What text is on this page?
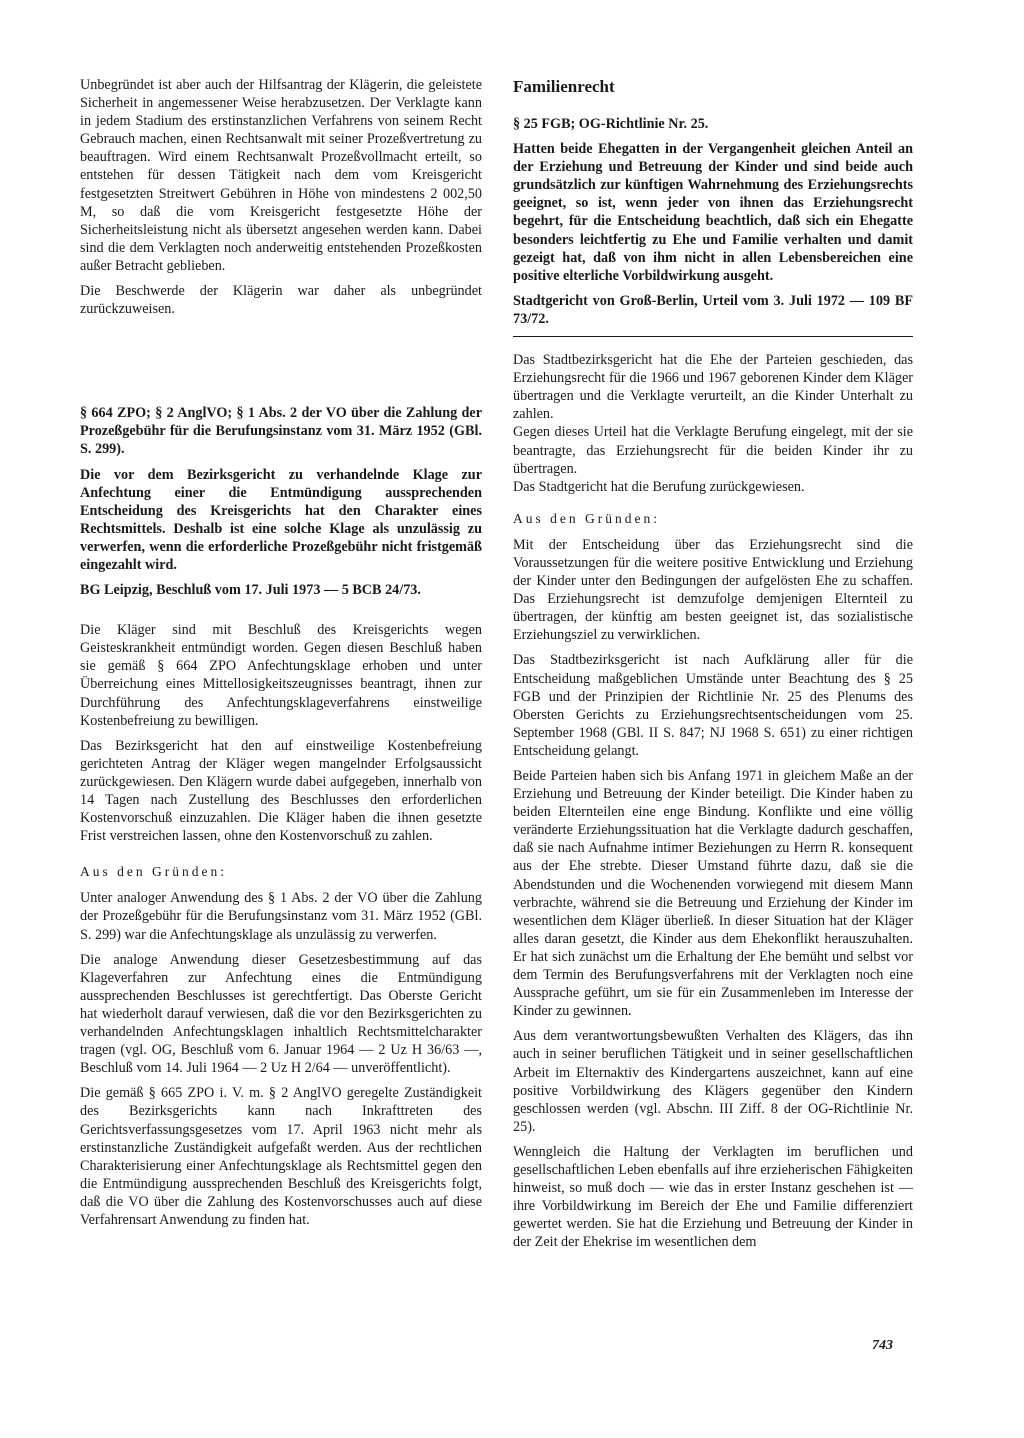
Unbegründet ist aber auch der Hilfsantrag der Klägerin, die geleistete Sicherheit in angemessener Weise herabzusetzen. Der Verklagte kann in jedem Stadium des erstinstanzlichen Verfahrens von seinem Recht Gebrauch machen, einen Rechtsanwalt mit seiner Prozeßvertretung zu beauftragen. Wird einem Rechtsanwalt Prozeßvollmacht erteilt, so entstehen für dessen Tätigkeit nach dem vom Kreisgericht festgesetzten Streitwert Gebühren in Höhe von mindestens 2 002,50 M, so daß die vom Kreisgericht festgesetzte Höhe der Sicherheitsleistung nicht als übersetzt angesehen werden kann. Dabei sind die dem Verklagten noch anderweitig entstehenden Prozeßkosten außer Betracht geblieben.

Die Beschwerde der Klägerin war daher als unbegründet zurückzuweisen.

§ 664 ZPO; § 2 AnglVO; § 1 Abs. 2 der VO über die Zahlung der Prozeßgebühr für die Berufungsinstanz vom 31. März 1952 (GBl. S. 299).

Die vor dem Bezirksgericht zu verhandelnde Klage zur Anfechtung einer die Entmündigung aussprechenden Entscheidung des Kreisgerichts hat den Charakter eines Rechtsmittels. Deshalb ist eine solche Klage als unzulässig zu verwerfen, wenn die erforderliche Prozeßgebühr nicht fristgemäß eingezahlt wird.

BG Leipzig, Beschluß vom 17. Juli 1973 — 5 BCB 24/73.

Die Kläger sind mit Beschluß des Kreisgerichts wegen Geisteskrankheit entmündigt worden. Gegen diesen Beschluß haben sie gemäß § 664 ZPO Anfechtungsklage erhoben und unter Überreichung eines Mittellosigkeitszeugnisses beantragt, ihnen zur Durchführung des Anfechtungsklageverfahrens einstweilige Kostenbefreiung zu bewilligen.

Das Bezirksgericht hat den auf einstweilige Kostenbefreiung gerichteten Antrag der Kläger wegen mangelnder Erfolgsaussicht zurückgewiesen. Den Klägern wurde dabei aufgegeben, innerhalb von 14 Tagen nach Zustellung des Beschlusses den erforderlichen Kostenvorschuß einzuzahlen. Die Kläger haben die ihnen gesetzte Frist verstreichen lassen, ohne den Kostenvorschuß zu zahlen.

Aus den Gründen:

Unter analoger Anwendung des § 1 Abs. 2 der VO über die Zahlung der Prozeßgebühr für die Berufungsinstanz vom 31. März 1952 (GBl. S. 299) war die Anfechtungsklage als unzulässig zu verwerfen.

Die analoge Anwendung dieser Gesetzesbestimmung auf das Klageverfahren zur Anfechtung eines die Entmündigung aussprechenden Beschlusses ist gerechtfertigt. Das Oberste Gericht hat wiederholt darauf verwiesen, daß die vor den Bezirksgerichten zu verhandelnden Anfechtungsklagen inhaltlich Rechtsmittelcharakter tragen (vgl. OG, Beschluß vom 6. Januar 1964 — 2 Uz H 36/63 —, Beschluß vom 14. Juli 1964 — 2 Uz H 2/64 — unveröffentlicht).

Die gemäß § 665 ZPO i. V. m. § 2 AnglVO geregelte Zuständigkeit des Bezirksgerichts kann nach Inkrafttreten des Gerichtsverfassungsgesetzes vom 17. April 1963 nicht mehr als erstinstanzliche Zuständigkeit aufgefaßt werden. Aus der rechtlichen Charakterisierung einer Anfechtungsklage als Rechtsmittel gegen den die Entmündigung aussprechenden Beschluß des Kreisgerichts folgt, daß die VO über die Zahlung des Kostenvorschusses auch auf diese Verfahrensart Anwendung zu finden hat.

Familienrecht

§ 25 FGB; OG-Richtlinie Nr. 25.

Hatten beide Ehegatten in der Vergangenheit gleichen Anteil an der Erziehung und Betreuung der Kinder und sind beide auch grundsätzlich zur künftigen Wahrnehmung des Erziehungsrechts geeignet, so ist, wenn jeder von ihnen das Erziehungsrecht begehrt, für die Entscheidung beachtlich, daß sich ein Ehegatte besonders leichtfertig zu Ehe und Familie verhalten und damit gezeigt hat, daß von ihm nicht in allen Lebensbereichen eine positive elterliche Vorbildwirkung ausgeht.

Stadtgericht von Groß-Berlin, Urteil vom 3. Juli 1972 — 109 BF 73/72.

Das Stadtbezirksgericht hat die Ehe der Parteien geschieden, das Erziehungsrecht für die 1966 und 1967 geborenen Kinder dem Kläger übertragen und die Verklagte verurteilt, an die Kinder Unterhalt zu zahlen.

Gegen dieses Urteil hat die Verklagte Berufung eingelegt, mit der sie beantragte, das Erziehungsrecht für die beiden Kinder ihr zu übertragen.

Das Stadtgericht hat die Berufung zurückgewiesen.

Aus den Gründen:

Mit der Entscheidung über das Erziehungsrecht sind die Voraussetzungen für die weitere positive Entwicklung und Erziehung der Kinder unter den Bedingungen der aufgelösten Ehe zu schaffen. Das Erziehungsrecht ist demzufolge demjenigen Elternteil zu übertragen, der künftig am besten geeignet ist, das sozialistische Erziehungsziel zu verwirklichen.

Das Stadtbezirksgericht ist nach Aufklärung aller für die Entscheidung maßgeblichen Umstände unter Beachtung des § 25 FGB und der Prinzipien der Richtlinie Nr. 25 des Plenums des Obersten Gerichts zu Erziehungsrechtsentscheidungen vom 25. September 1968 (GBl. II S. 847; NJ 1968 S. 651) zu einer richtigen Entscheidung gelangt.

Beide Parteien haben sich bis Anfang 1971 in gleichem Maße an der Erziehung und Betreuung der Kinder beteiligt. Die Kinder haben zu beiden Elternteilen eine enge Bindung. Konflikte und eine völlig veränderte Erziehungssituation hat die Verklagte dadurch geschaffen, daß sie nach Aufnahme intimer Beziehungen zu Herrn R. konsequent aus der Ehe strebte. Dieser Umstand führte dazu, daß sie die Abendstunden und die Wochenenden vorwiegend mit diesem Mann verbrachte, während sie die Betreuung und Erziehung der Kinder im wesentlichen dem Kläger überließ. In dieser Situation hat der Kläger alles daran gesetzt, die Kinder aus dem Ehekonflikt herauszuhalten. Er hat sich zunächst um die Erhaltung der Ehe bemüht und selbst vor dem Termin des Berufungsverfahrens mit der Verklagten noch eine Aussprache geführt, um sie für ein Zusammenleben im Interesse der Kinder zu gewinnen.

Aus dem verantwortungsbewußten Verhalten des Klägers, das ihn auch in seiner beruflichen Tätigkeit und in seiner gesellschaftlichen Arbeit im Elternaktiv des Kindergartens auszeichnet, kann auf eine positive Vorbildwirkung des Klägers gegenüber den Kindern geschlossen werden (vgl. Abschn. III Ziff. 8 der OG-Richtlinie Nr. 25).

Wenngleich die Haltung der Verklagten im beruflichen und gesellschaftlichen Leben ebenfalls auf ihre erzieherischen Fähigkeiten hinweist, so muß doch — wie das in erster Instanz geschehen ist — ihre Vorbildwirkung im Bereich der Ehe und Familie differenziert gewertet werden. Sie hat die Erziehung und Betreuung der Kinder in der Zeit der Ehekrise im wesentlichen dem

743
